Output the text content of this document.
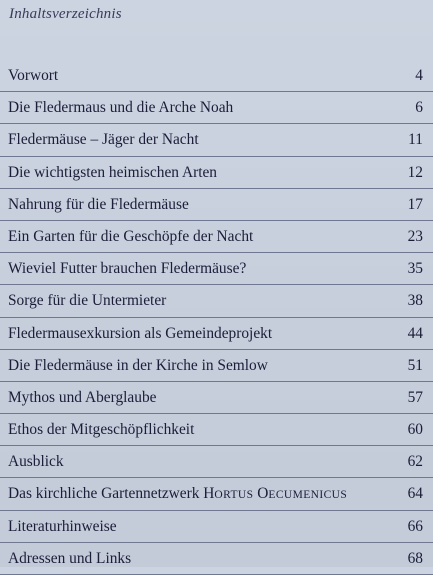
Inhaltsverzeichnis
Vorwort	4
Die Fledermaus und die Arche Noah	6
Fledermäuse – Jäger der Nacht	11
Die wichtigsten heimischen Arten	12
Nahrung für die Fledermäuse	17
Ein Garten für die Geschöpfe der Nacht	23
Wieviel Futter brauchen Fledermäuse?	35
Sorge für die Untermieter	38
Fledermausexkursion als Gemeindeprojekt	44
Die Fledermäuse in der Kirche in Semlow	51
Mythos und Aberglaube	57
Ethos der Mitgeschöpflichkeit	60
Ausblick	62
Das kirchliche Gartennetzwerk HORTUS OECUMENICUS	64
Literaturhinweise	66
Adressen und Links	68
